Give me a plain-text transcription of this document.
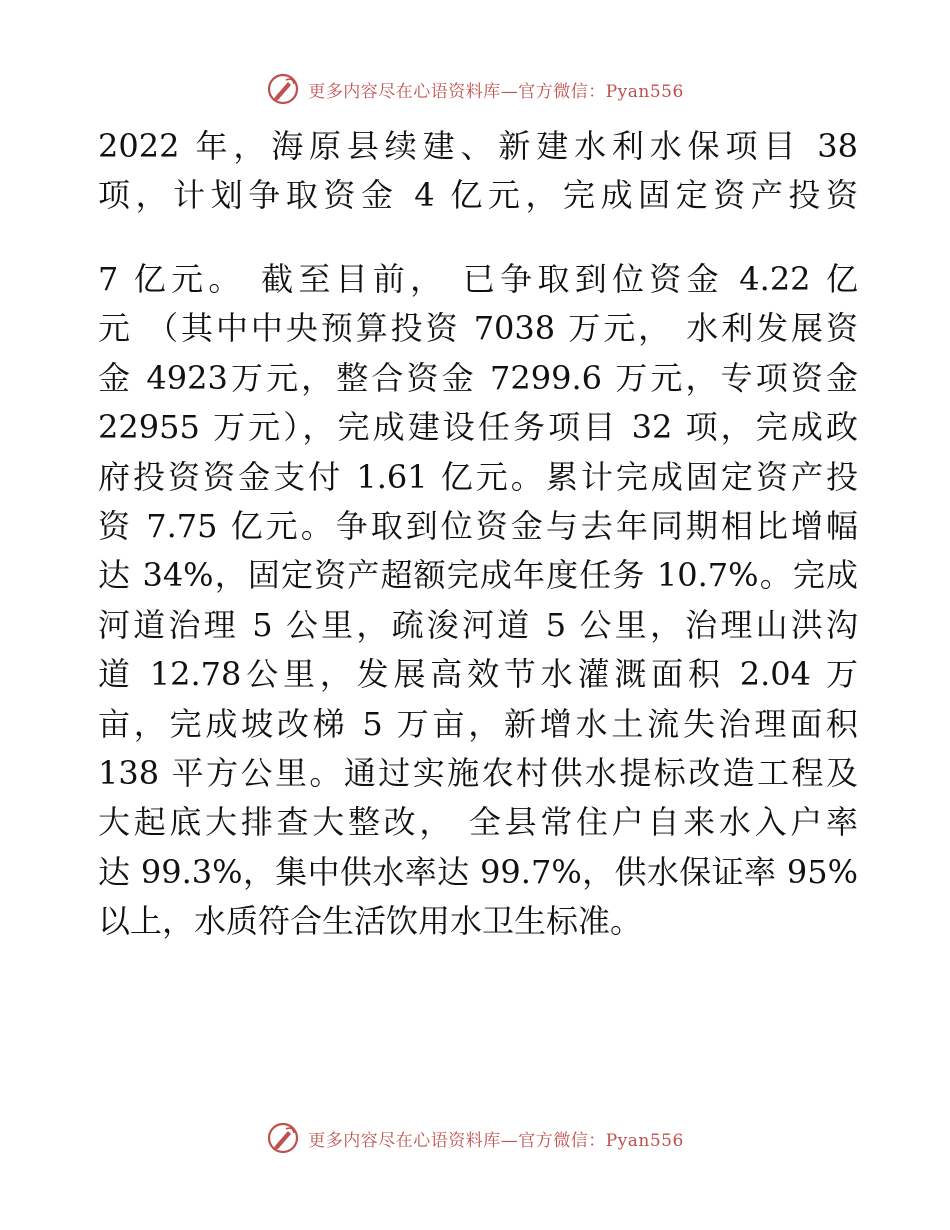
更多内容尽在心语资料库—官方微信：Pyan556
2022 年，海原县续建、新建水利水保项目 38
项，计划争取资金 4 亿元，完成固定资产投资
7 亿元。 截至目前， 已争取到位资金 4.22 亿
元 （其中中央预算投资 7038 万元， 水利发展资
金 4923万元，整合资金 7299.6 万元，专项资金
22955 万元），完成建设任务项目 32 项，完成政
府投资资金支付 1.61 亿元。累计完成固定资产投
资 7.75 亿元。争取到位资金与去年同期相比增幅
达 34%，固定资产超额完成年度任务 10.7%。完成
河道治理 5 公里，疏浚河道 5 公里，治理山洪沟
道 12.78公里，发展高效节水灌溉面积 2.04 万
亩，完成坡改梯 5 万亩，新增水土流失治理面积
138 平方公里。通过实施农村供水提标改造工程及
大起底大排查大整改， 全县常住户自来水入户率
达 99.3%，集中供水率达 99.7%，供水保证率 95%
以上，水质符合生活饮用水卫生标准。
更多内容尽在心语资料库—官方微信：Pyan556
